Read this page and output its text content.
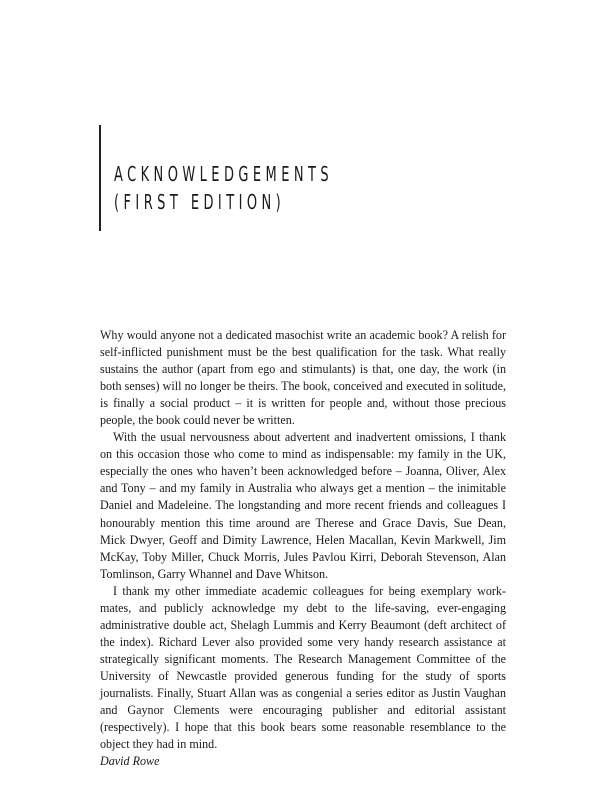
ACKNOWLEDGEMENTS
(FIRST EDITION)

Why would anyone not a dedicated masochist write an academic book? A relish for self-inflicted punishment must be the best qualification for the task. What really sustains the author (apart from ego and stimulants) is that, one day, the work (in both senses) will no longer be theirs. The book, conceived and executed in solitude, is finally a social product – it is written for people and, without those precious people, the book could never be written.

With the usual nervousness about advertent and inadvertent omissions, I thank on this occasion those who come to mind as indispensable: my family in the UK, especially the ones who haven’t been acknowledged before – Joanna, Oliver, Alex and Tony – and my family in Australia who always get a mention – the inimitable Daniel and Madeleine. The longstanding and more recent friends and colleagues I honourably mention this time around are Therese and Grace Davis, Sue Dean, Mick Dwyer, Geoff and Dimity Lawrence, Helen Macallan, Kevin Markwell, Jim McKay, Toby Miller, Chuck Morris, Jules Pavlou Kirri, Deborah Stevenson, Alan Tomlinson, Garry Whannel and Dave Whitson.

I thank my other immediate academic colleagues for being exemplary work-mates, and publicly acknowledge my debt to the life-saving, ever-engaging administrative double act, Shelagh Lummis and Kerry Beaumont (deft architect of the index). Richard Lever also provided some very handy research assistance at strategically significant moments. The Research Management Committee of the University of Newcastle provided generous funding for the study of sports journalists. Finally, Stuart Allan was as congenial a series editor as Justin Vaughan and Gaynor Clements were encouraging publisher and editorial assistant (respectively). I hope that this book bears some reasonable resemblance to the object they had in mind.

David Rowe
